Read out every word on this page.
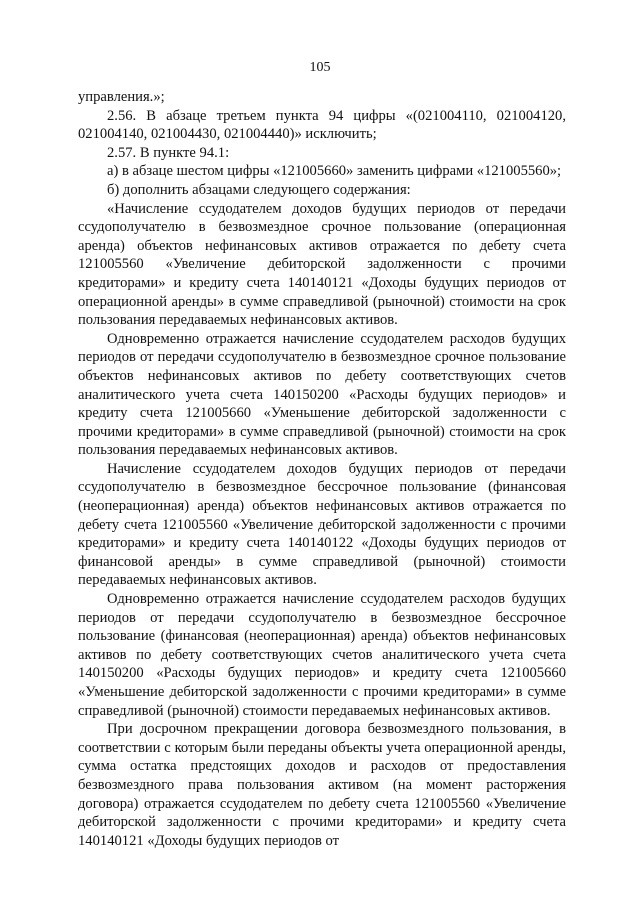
105

управления.»;

2.56. В абзаце третьем пункта 94 цифры «(021004110, 021004120, 021004140, 021004430, 021004440)» исключить;

2.57. В пункте 94.1:

а) в абзаце шестом цифры «121005660» заменить цифрами «121005560»;

б) дополнить абзацами следующего содержания:

«Начисление ссудодателем доходов будущих периодов от передачи ссудополучателю в безвозмездное срочное пользование (операционная аренда) объектов нефинансовых активов отражается по дебету счета 121005560 «Увеличение дебиторской задолженности с прочими кредиторами» и кредиту счета 140140121 «Доходы будущих периодов от операционной аренды» в сумме справедливой (рыночной) стоимости на срок пользования передаваемых нефинансовых активов.

Одновременно отражается начисление ссудодателем расходов будущих периодов от передачи ссудополучателю в безвозмездное срочное пользование объектов нефинансовых активов по дебету соответствующих счетов аналитического учета счета 140150200 «Расходы будущих периодов» и кредиту счета 121005660 «Уменьшение дебиторской задолженности с прочими кредиторами» в сумме справедливой (рыночной) стоимости на срок пользования передаваемых нефинансовых активов.

Начисление ссудодателем доходов будущих периодов от передачи ссудополучателю в безвозмездное бессрочное пользование (финансовая (неоперационная) аренда) объектов нефинансовых активов отражается по дебету счета 121005560 «Увеличение дебиторской задолженности с прочими кредиторами» и кредиту счета 140140122 «Доходы будущих периодов от финансовой аренды» в сумме справедливой (рыночной) стоимости передаваемых нефинансовых активов.

Одновременно отражается начисление ссудодателем расходов будущих периодов от передачи ссудополучателю в безвозмездное бессрочное пользование (финансовая (неоперационная) аренда) объектов нефинансовых активов по дебету соответствующих счетов аналитического учета счета 140150200 «Расходы будущих периодов» и кредиту счета 121005660 «Уменьшение дебиторской задолженности с прочими кредиторами» в сумме справедливой (рыночной) стоимости передаваемых нефинансовых активов.

При досрочном прекращении договора безвозмездного пользования, в соответствии с которым были переданы объекты учета операционной аренды, сумма остатка предстоящих доходов и расходов от предоставления безвозмездного права пользования активом (на момент расторжения договора) отражается ссудодателем по дебету счета 121005560 «Увеличение дебиторской задолженности с прочими кредиторами» и кредиту счета 140140121 «Доходы будущих периодов от
